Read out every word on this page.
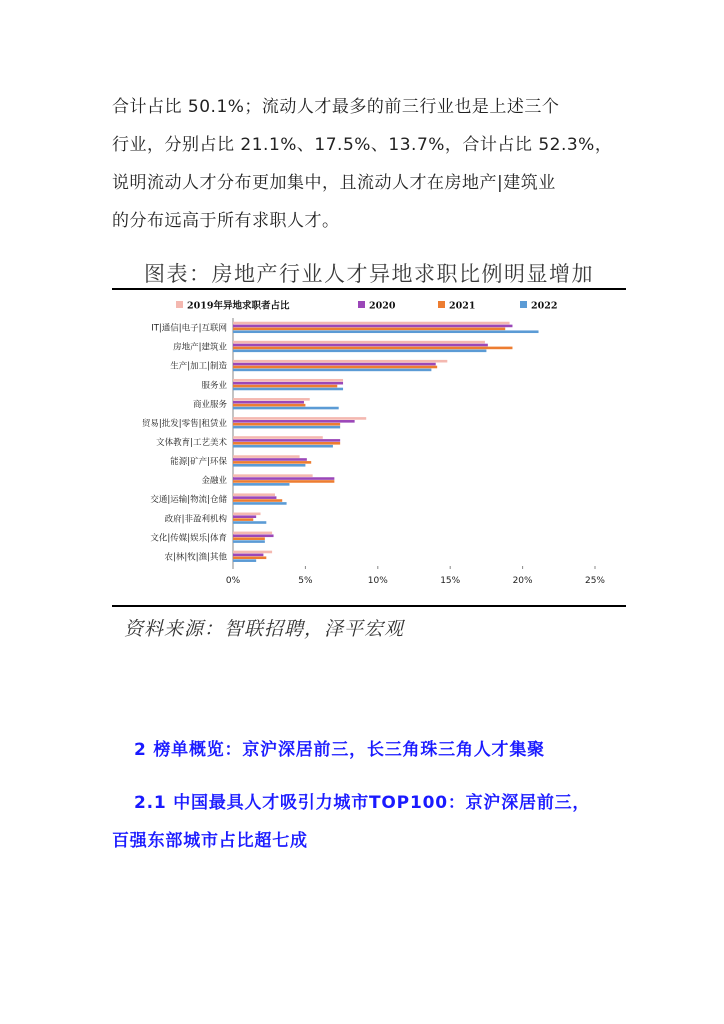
合计占比 50.1%；流动人才最多的前三行业也是上述三个

行业，分别占比 21.1%、17.5%、13.7%，合计占比 52.3%，

说明流动人才分布更加集中，且流动人才在房地产|建筑业

的分布远高于所有求职人才。

图表：房地产行业人才异地求职比例明显增加
2019年异地求职者占比	2020	2021	2022
IT|通信|电子|互联网
房地产|建筑业
生产|加工|制造
服务业
商业服务
贸易|批发|零售|租赁业
文体教育|工艺美术
能源|矿产|环保
金融业
交通|运输|物流|仓储
政府|非盈利机构
文化|传媒|娱乐|体育
农|林|牧|渔|其他
0%	5%	10%	15%	20%	25%
资料来源：智联招聘，泽平宏观
2 榜单概览：京沪深居前三，长三角珠三角人才集聚

2.1 中国最具人才吸引力城市TOP100：京沪深居前三，

百强东部城市占比超七成
